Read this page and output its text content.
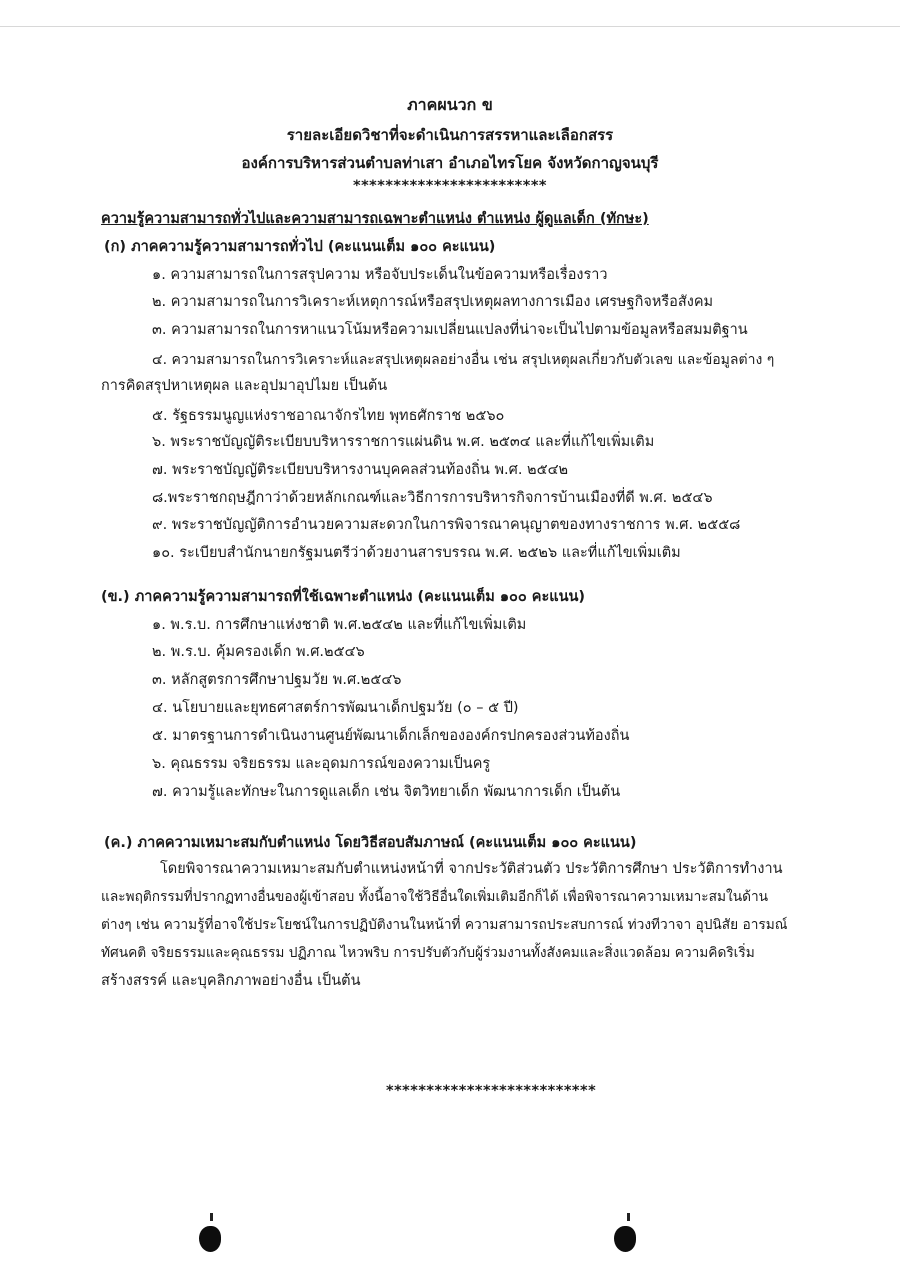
ภาคผนวก ข
รายละเอียดวิชาที่จะดำเนินการสรรหาและเลือกสรร
องค์การบริหารส่วนตำบลท่าเสา อำเภอไทรโยค จังหวัดกาญจนบุรี
************************
ความรู้ความสามารถทั่วไปและความสามารถเฉพาะตำแหน่ง ตำแหน่ง ผู้ดูแลเด็ก (ทักษะ)
(ก) ภาคความรู้ความสามารถทั่วไป (คะแนนเต็ม ๑๐๐ คะแนน)
๑. ความสามารถในการสรุปความ หรือจับประเด็นในข้อความหรือเรื่องราว
๒. ความสามารถในการวิเคราะห์เหตุการณ์หรือสรุปเหตุผลทางการเมือง เศรษฐกิจหรือสังคม
๓. ความสามารถในการหาแนวโน้มหรือความเปลี่ยนแปลงที่น่าจะเป็นไปตามข้อมูลหรือสมมติฐาน
๔. ความสามารถในการวิเคราะห์และสรุปเหตุผลอย่างอื่น เช่น สรุปเหตุผลเกี่ยวกับตัวเลข และข้อมูลต่าง ๆ
การคิดสรุปหาเหตุผล และอุปมาอุปไมย เป็นต้น
๕. รัฐธรรมนูญแห่งราชอาณาจักรไทย พุทธศักราช ๒๕๖๐
๖. พระราชบัญญัติระเบียบบริหารราชการแผ่นดิน พ.ศ. ๒๕๓๔ และที่แก้ไขเพิ่มเติม
๗. พระราชบัญญัติระเบียบบริหารงานบุคคลส่วนท้องถิ่น พ.ศ. ๒๕๔๒
๘.พระราชกฤษฎีกาว่าด้วยหลักเกณฑ์และวิธีการการบริหารกิจการบ้านเมืองที่ดี พ.ศ. ๒๕๔๖
๙. พระราชบัญญัติการอำนวยความสะดวกในการพิจารณาคนุญาตของทางราชการ พ.ศ. ๒๕๕๘
๑๐. ระเบียบสำนักนายกรัฐมนตรีว่าด้วยงานสารบรรณ พ.ศ. ๒๕๒๖ และที่แก้ไขเพิ่มเติม
(ข.) ภาคความรู้ความสามารถที่ใช้เฉพาะตำแหน่ง (คะแนนเต็ม ๑๐๐ คะแนน)
๑. พ.ร.บ. การศึกษาแห่งชาติ พ.ศ.๒๕๔๒ และที่แก้ไขเพิ่มเติม
๒. พ.ร.บ. คุ้มครองเด็ก พ.ศ.๒๕๔๖
๓. หลักสูตรการศึกษาปฐมวัย พ.ศ.๒๕๔๖
๔. นโยบายและยุทธศาสตร์การพัฒนาเด็กปฐมวัย (๐ – ๕ ปี)
๕. มาตรฐานการดำเนินงานศูนย์พัฒนาเด็กเล็กขององค์กรปกครองส่วนท้องถิ่น
๖. คุณธรรม จริยธรรม และอุดมการณ์ของความเป็นครู
๗. ความรู้และทักษะในการดูแลเด็ก เช่น จิตวิทยาเด็ก พัฒนาการเด็ก เป็นต้น
(ค.) ภาคความเหมาะสมกับตำแหน่ง โดยวิธีสอบสัมภาษณ์ (คะแนนเต็ม ๑๐๐ คะแนน)
โดยพิจารณาความเหมาะสมกับตำแหน่งหน้าที่ จากประวัติส่วนตัว ประวัติการศึกษา ประวัติการทำงาน
และพฤติกรรมที่ปรากฏทางอื่นของผู้เข้าสอบ ทั้งนี้อาจใช้วิธีอื่นใดเพิ่มเติมอีกก็ได้ เพื่อพิจารณาความเหมาะสมในด้าน
ต่างๆ เช่น ความรู้ที่อาจใช้ประโยชน์ในการปฏิบัติงานในหน้าที่ ความสามารถประสบการณ์ ท่วงทีวาจา อุปนิสัย อารมณ์
ทัศนคติ จริยธรรมและคุณธรรม ปฏิภาณ ไหวพริบ การปรับตัวกับผู้ร่วมงานทั้งสังคมและสิ่งแวดล้อม ความคิดริเริ่ม
สร้างสรรค์ และบุคลิกภาพอย่างอื่น เป็นต้น
**************************
